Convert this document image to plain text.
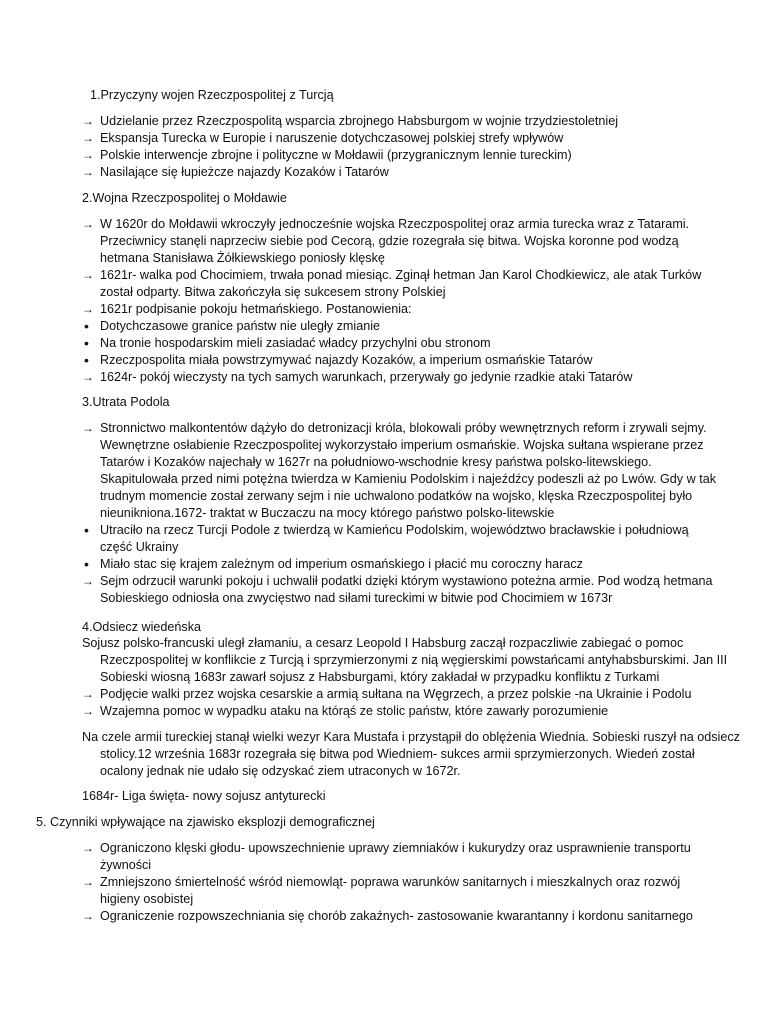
1.Przyczyny wojen Rzeczpospolitej z Turcją
→ Udzielanie przez Rzeczpospolitą wsparcia zbrojnego Habsburgom w wojnie trzydziestoletniej
→ Ekspansja Turecka w Europie i naruszenie dotychczasowej polskiej strefy wpływów
→ Polskie interwencje zbrojne i polityczne w Mołdawii (przygranicznym lennie tureckim)
→ Nasilające się łupieżcze najazdy Kozaków i Tatarów
2.Wojna Rzeczpospolitej o Mołdawie
→ W 1620r do Mołdawii wkroczyły jednocześnie wojska Rzeczpospolitej oraz armia turecka wraz z Tatarami. Przeciwnicy stanęli naprzeciw siebie pod Cecorą, gdzie rozegrała się bitwa. Wojska koronne pod wodzą hetmana Stanisława Żółkiewskiego poniosły klęskę
→ 1621r- walka pod Chocimiem, trwała ponad miesiąc. Zginął hetman Jan Karol Chodkiewicz, ale atak Turków został odparty. Bitwa zakończyła się sukcesem strony Polskiej
→ 1621r podpisanie pokoju hetmańskiego. Postanowienia:
• Dotychczasowe granice państw nie uległy zmianie
• Na tronie hospodarskim mieli zasiadać władcy przychylni obu stronom
• Rzeczpospolita miała powstrzymywać najazdy Kozaków, a imperium osmańskie Tatarów
→ 1624r- pokój wieczysty na tych samych warunkach, przerywały go jedynie rzadkie ataki Tatarów
3.Utrata Podola
→ Stronnictwo malkontentów dążyło do detronizacji króla, blokowali próby wewnętrznych reform i zrywali sejmy. Wewnętrzne osłabienie Rzeczpospolitej wykorzystało imperium osmańskie. Wojska sułtana wspierane przez Tatarów i Kozaków najechały w 1627r na południowo-wschodnie kresy państwa polsko-litewskiego. Skapitulowała przed nimi potężna twierdza w Kamieniu Podolskim i najeźdźcy podeszli aż po Lwów. Gdy w tak trudnym momencie został zerwany sejm i nie uchwalono podatków na wojsko, klęska Rzeczpospolitej było nieuniknionа.1672- traktat w Buczaczu na mocy którego państwo polsko-litewskie
• Utraciło na rzecz Turcji Podole z twierdzą w Kamieńcu Podolskim, województwo bracławskie i południową część Ukrainy
• Miało stac się krajem zależnym od imperium osmańskiego i płacić mu coroczny haracz
→ Sejm odrzucił warunki pokoju i uchwalił podatki dzięki którym wystawiono poteżna armie. Pod wodzą hetmana Sobieskiego odniosła ona zwycięstwo nad siłami tureckimi w bitwie pod Chocimiem w 1673r
4.Odsiecz wiedeńska
Sojusz polsko-francuski uległ złamaniu, a cesarz Leopold I Habsburg zaczął rozpaczliwie zabiegać o pomoc Rzeczpospolitej w konflikcie z Turcją i sprzymierzonymi z nią węgierskimi powstańcami antyhabsburskimi. Jan III Sobieski wiosną 1683r zawarł sojusz z Habsburgami, który zakładał w przypadku konfliktu z Turkami
→ Podjęcie walki przez wojska cesarskie a armią sułtana na Węgrzech, a przez polskie -na Ukrainie i Podolu
→ Wzajemna pomoc w wypadku ataku na którąś ze stolic państw, które zawarły porozumienie
Na czele armii tureckiej stanął wielki wezyr Kara Mustafa i przystąpił do oblężenia Wiednia. Sobieski ruszył na odsiecz stolicy.12 września 1683r rozegrała się bitwa pod Wiedniem- sukces armii sprzymierzonych. Wiedeń został ocalony jednak nie udało się odzyskać ziem utraconych w 1672r.
1684r- Liga święta- nowy sojusz antyturecki
5. Czynniki wpływające na zjawisko eksplozji demograficznej
→ Ograniczono klęski głodu- upowszechnienie uprawy ziemniaków i kukurydzy oraz usprawnienie transportu żywności
→ Zmniejszono śmiertelność wśród niemowląt- poprawa warunków sanitarnych i mieszkalnych oraz rozwój higieny osobistej
→ Ograniczenie rozpowszechniania się chorób zakaźnych- zastosowanie kwarantanny i kordonu sanitarnego
